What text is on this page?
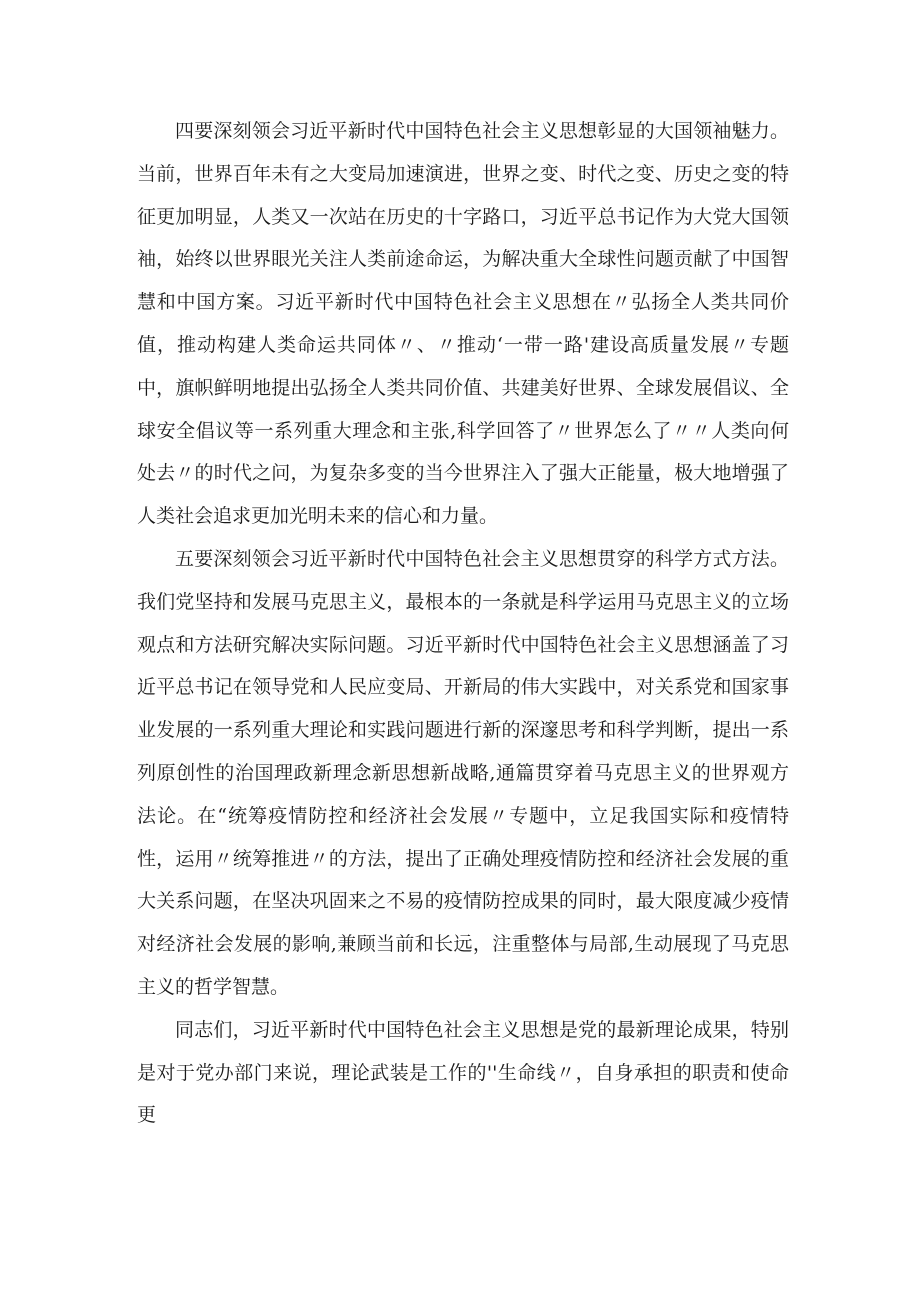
四要深刻领会习近平新时代中国特色社会主义思想彰显的大国领袖魅力。当前，世界百年未有之大变局加速演进，世界之变、时代之变、历史之变的特征更加明显，人类又一次站在历史的十字路口，习近平总书记作为大党大国领袖，始终以世界眼光关注人类前途命运，为解决重大全球性问题贡献了中国智慧和中国方案。习近平新时代中国特色社会主义思想在〃弘扬全人类共同价值，推动构建人类命运共同体〃、〃推动‘一带一路'建设高质量发展〃专题中，旗帜鲜明地提出弘扬全人类共同价值、共建美好世界、全球发展倡议、全球安全倡议等一系列重大理念和主张,科学回答了〃世界怎么了〃〃人类向何处去〃的时代之问，为复杂多变的当今世界注入了强大正能量，极大地增强了人类社会追求更加光明未来的信心和力量。

五要深刻领会习近平新时代中国特色社会主义思想贯穿的科学方式方法。我们党坚持和发展马克思主义，最根本的一条就是科学运用马克思主义的立场观点和方法研究解决实际问题。习近平新时代中国特色社会主义思想涵盖了习近平总书记在领导党和人民应变局、开新局的伟大实践中，对关系党和国家事业发展的一系列重大理论和实践问题进行新的深邃思考和科学判断，提出一系列原创性的治国理政新理念新思想新战略,通篇贯穿着马克思主义的世界观方法论。在“统筹疫情防控和经济社会发展〃专题中，立足我国实际和疫情特性，运用〃统筹推进〃的方法，提出了正确处理疫情防控和经济社会发展的重大关系问题，在坚决巩固来之不易的疫情防控成果的同时，最大限度减少疫情对经济社会发展的影响,兼顾当前和长远，注重整体与局部,生动展现了马克思主义的哲学智慧。

同志们，习近平新时代中国特色社会主义思想是党的最新理论成果，特别是对于党办部门来说，理论武装是工作的''生命线〃，自身承担的职责和使命更
